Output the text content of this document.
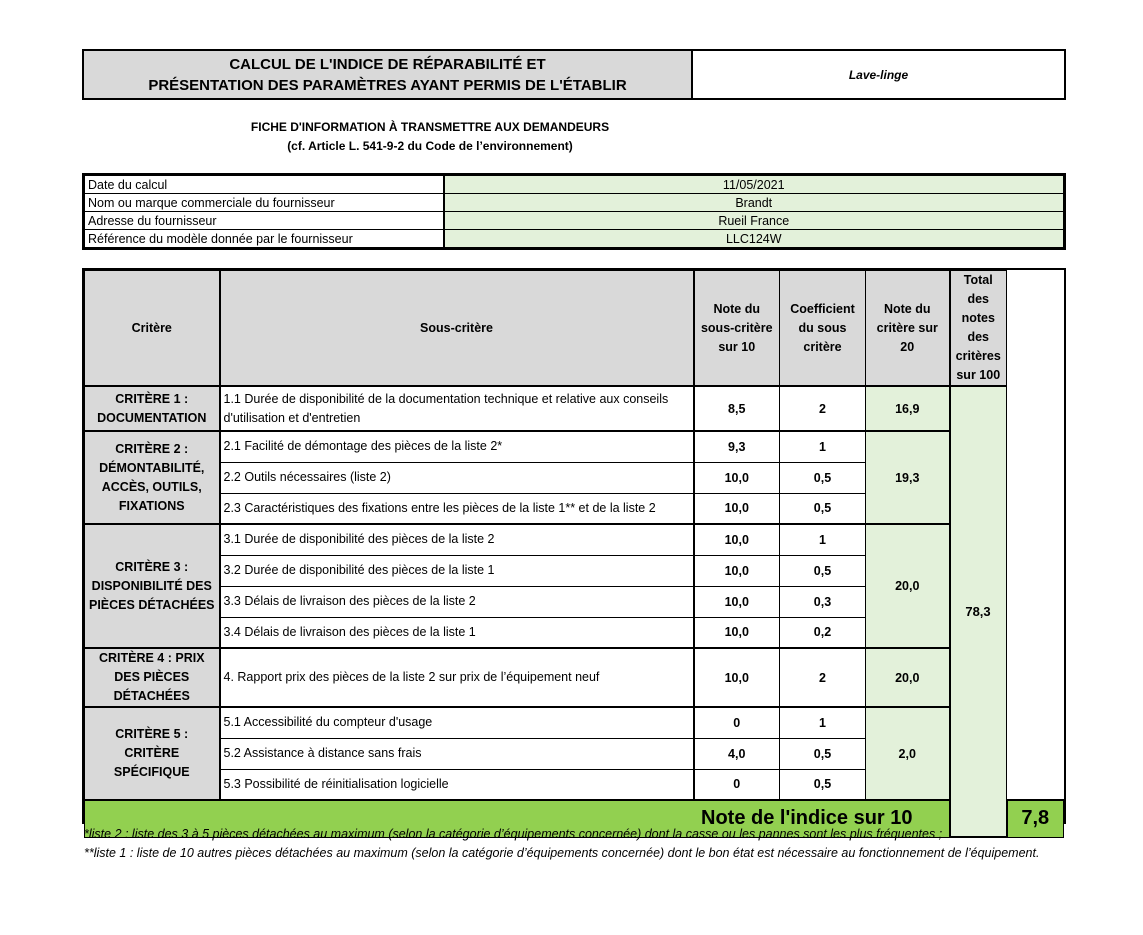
CALCUL DE L'INDICE DE RÉPARABILITÉ ET
PRÉSENTATION DES PARAMÈTRES AYANT PERMIS DE L'ÉTABLIR
Lave-linge
FICHE D'INFORMATION À TRANSMETTRE AUX DEMANDEURS
(cf. Article L. 541-9-2 du Code de l’environnement)
Date du calcul	11/05/2021
Nom ou marque commerciale du fournisseur	Brandt
Adresse du fournisseur	Rueil France
Référence du modèle donnée par le fournisseur	LLC124W
Critère	Sous-critère	Note du sous-critère sur 10	Coefficient du sous critère	Note du critère sur 20	Total des notes des critères sur 100	
CRITÈRE 1 : DOCUMENTATION	1.1 Durée de disponibilité de la documentation technique et relative aux conseils d'utilisation et d'entretien	8,5	2	16,9	78,3	
CRITÈRE 2 : DÉMONTABILITÉ, ACCÈS, OUTILS, FIXATIONS	2.1 Facilité de démontage des pièces de la liste 2*	9,3	1	19,3		
	2.2 Outils nécessaires (liste 2)	10,0	0,5			
	2.3 Caractéristiques des fixations entre les pièces de la liste 1** et de la liste 2	10,0	0,5			
CRITÈRE 3 : DISPONIBILITÉ DES PIÈCES DÉTACHÉES	3.1 Durée de disponibilité des pièces de la liste 2	10,0	1	20,0		
	3.2 Durée de disponibilité des pièces de la liste 1	10,0	0,5			
	3.3 Délais de livraison des pièces de la liste 2	10,0	0,3			
	3.4 Délais de livraison des pièces de la liste 1	10,0	0,2			
CRITÈRE 4 : PRIX DES PIÈCES DÉTACHÉES	4. Rapport prix des pièces de la liste 2 sur prix de l’équipement neuf	10,0	2	20,0		
CRITÈRE 5 : CRITÈRE SPÉCIFIQUE	5.1 Accessibilité du compteur d'usage	0	1	2,0		
	5.2 Assistance à distance sans frais	4,0	0,5			
	5.3 Possibilité de réinitialisation logicielle	0	0,5			
Note de l'indice sur 10						7,8
*liste 2 : liste des 3 à 5 pièces détachées au maximum (selon la catégorie d’équipements concernée) dont la casse ou les pannes sont les plus fréquentes ;
**liste 1 : liste de 10 autres pièces détachées au maximum (selon la catégorie d’équipements concernée) dont le bon état est nécessaire au fonctionnement de l’équipement.
